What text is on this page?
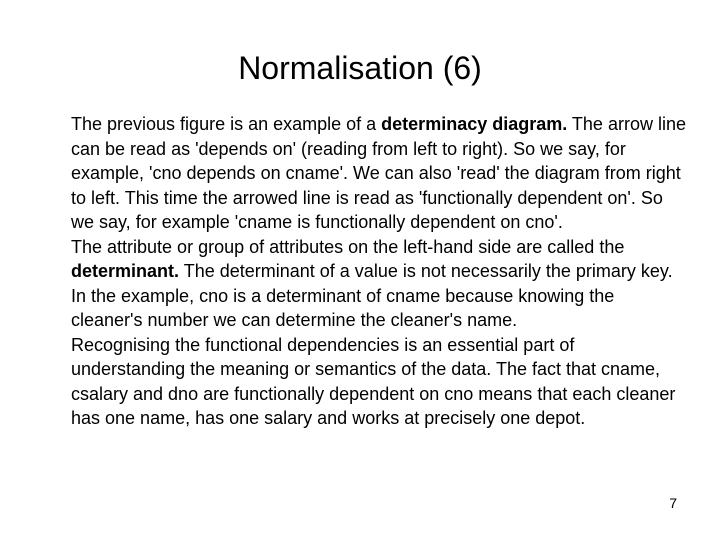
Normalisation (6)

The previous figure is an example of a determinacy diagram. The arrow line can be read as 'depends on' (reading from left to right). So we say, for example, 'cno depends on cname'. We can also 'read' the diagram from right to left. This time the arrowed line is read as 'functionally dependent on'. So we say, for example 'cname is functionally dependent on cno'.

The attribute or group of attributes on the left-hand side are called the determinant. The determinant of a value is not necessarily the primary key. In the example, cno is a determinant of cname because knowing the cleaner's number we can determine the cleaner's name.

Recognising the functional dependencies is an essential part of understanding the meaning or semantics of the data. The fact that cname, csalary and dno are functionally dependent on cno means that each cleaner has one name, has one salary and works at precisely one depot.

7
